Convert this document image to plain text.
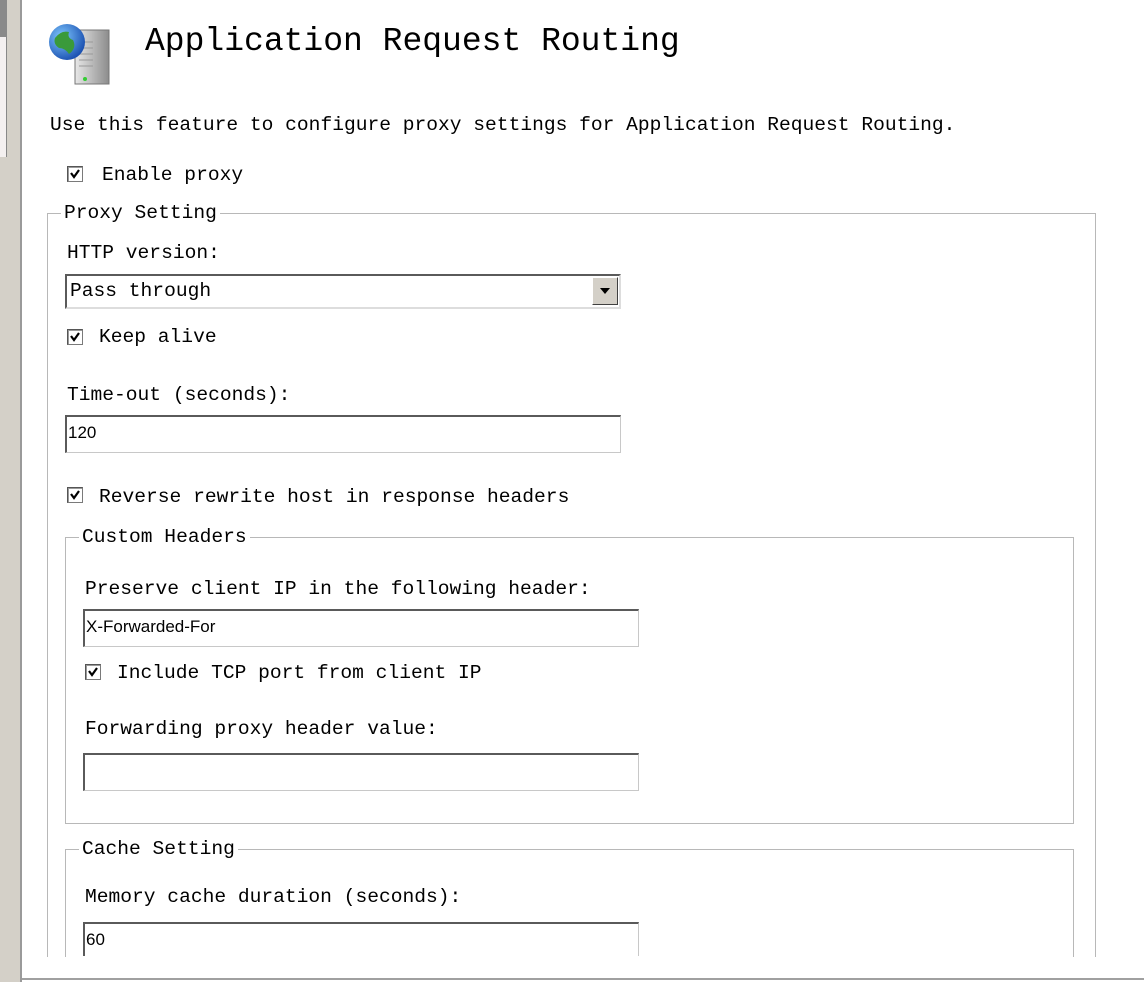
Application Request Routing
Use this feature to configure proxy settings for Application Request Routing.
Enable proxy
Proxy Setting
HTTP version:
Pass through
Keep alive
Time-out (seconds):
120
Reverse rewrite host in response headers
Custom Headers
Preserve client IP in the following header:
X-Forwarded-For
Include TCP port from client IP
Forwarding proxy header value:
Cache Setting
Memory cache duration (seconds):
60
